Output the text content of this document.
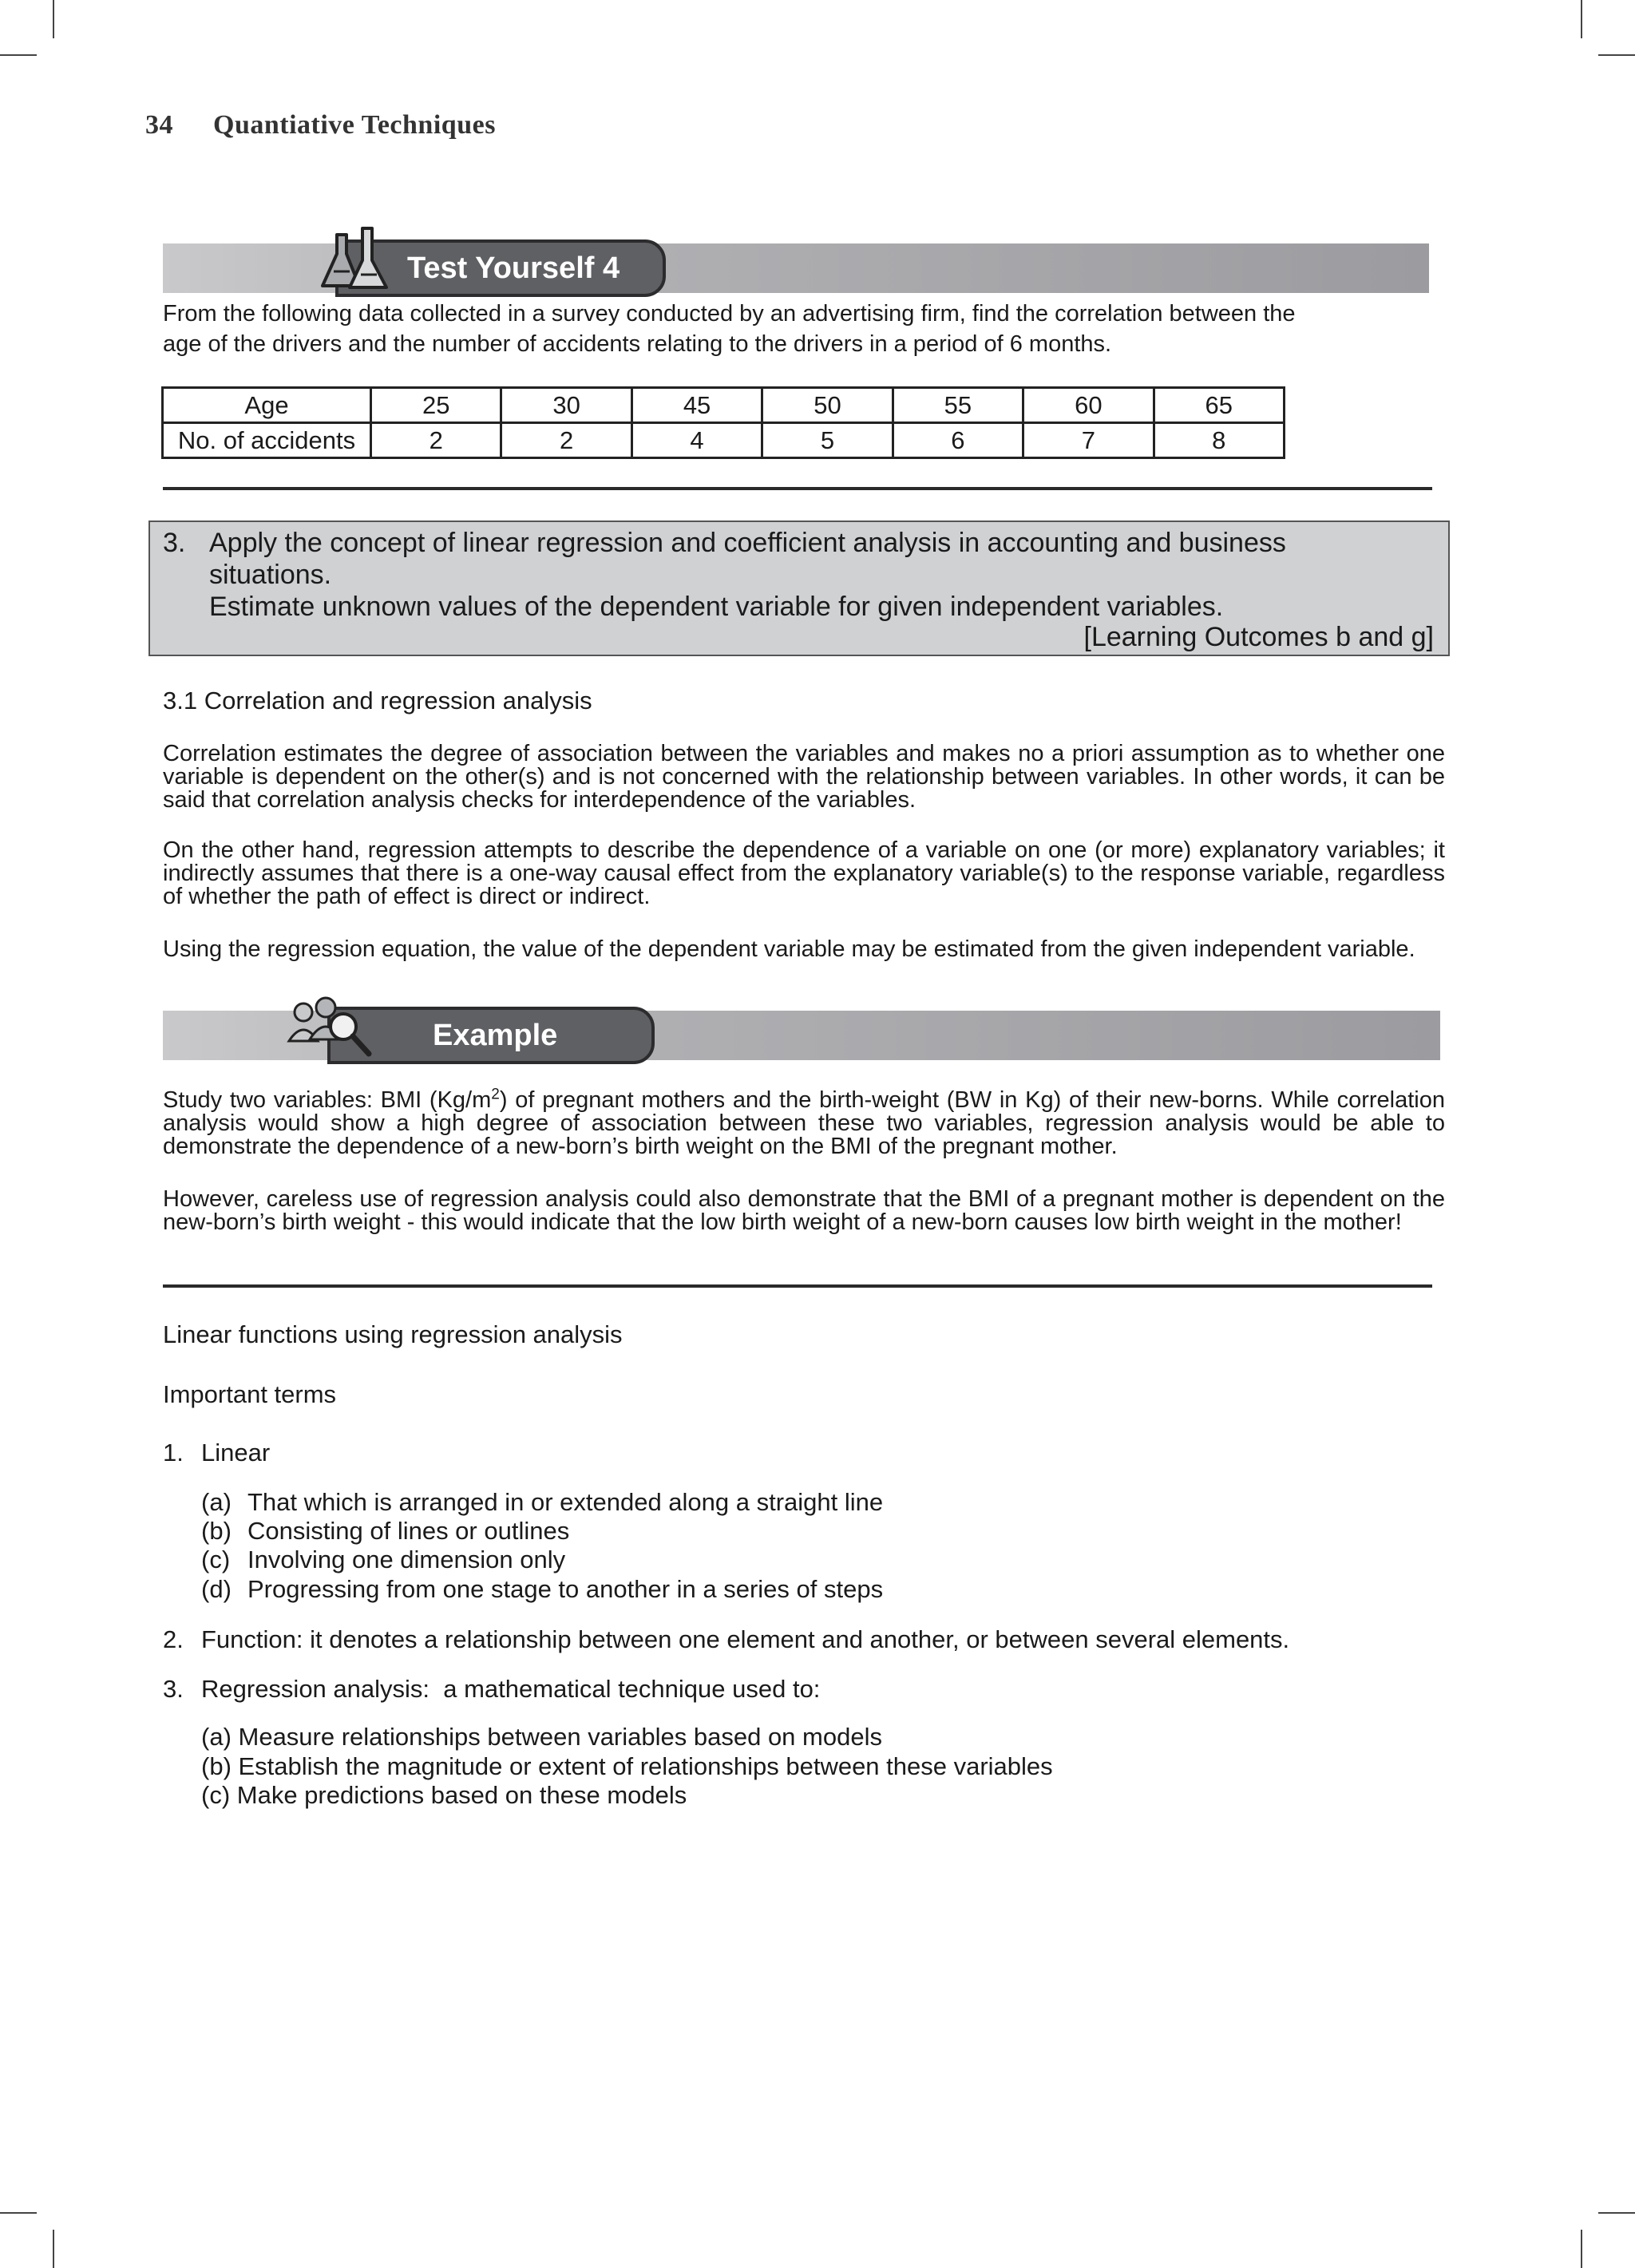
34 Quantiative Techniques
Test Yourself 4
From the following data collected in a survey conducted by an advertising firm, find the correlation between the
age of the drivers and the number of accidents relating to the drivers in a period of 6 months.
Age	25	30	45	50	55	60	65
No. of accidents	2	2	4	5	6	7	8
3. Apply the concept of linear regression and coefficient analysis in accounting and business
situations.
Estimate unknown values of the dependent variable for given independent variables.
[Learning Outcomes b and g]
3.1 Correlation and regression analysis
Correlation estimates the degree of association between the variables and makes no a priori assumption as to whether one variable is dependent on the other(s) and is not concerned with the relationship between variables. In other words, it can be said that correlation analysis checks for interdependence of the variables.
On the other hand, regression attempts to describe the dependence of a variable on one (or more) explanatory variables; it indirectly assumes that there is a one-way causal effect from the explanatory variable(s) to the response variable, regardless of whether the path of effect is direct or indirect.
Using the regression equation, the value of the dependent variable may be estimated from the given independent variable.
Example
Study two variables: BMI $(Kg/m^2)$ of pregnant mothers and the birth-weight (BW in Kg) of their new-borns. While correlation analysis would show a high degree of association between these two variables, regression analysis would be able to demonstrate the dependence of a new-born’s birth weight on the BMI of the pregnant mother.
However, careless use of regression analysis could also demonstrate that the BMI of a pregnant mother is dependent on the new-born’s birth weight - this would indicate that the low birth weight of a new-born causes low birth weight in the mother!
Linear functions using regression analysis
Important terms
1. Linear
(a) That which is arranged in or extended along a straight line
(b) Consisting of lines or outlines
(c) Involving one dimension only
(d) Progressing from one stage to another in a series of steps
2. Function: it denotes a relationship between one element and another, or between several elements.
3. Regression analysis:  a mathematical technique used to:
(a) Measure relationships between variables based on models
(b) Establish the magnitude or extent of relationships between these variables
(c) Make predictions based on these models
